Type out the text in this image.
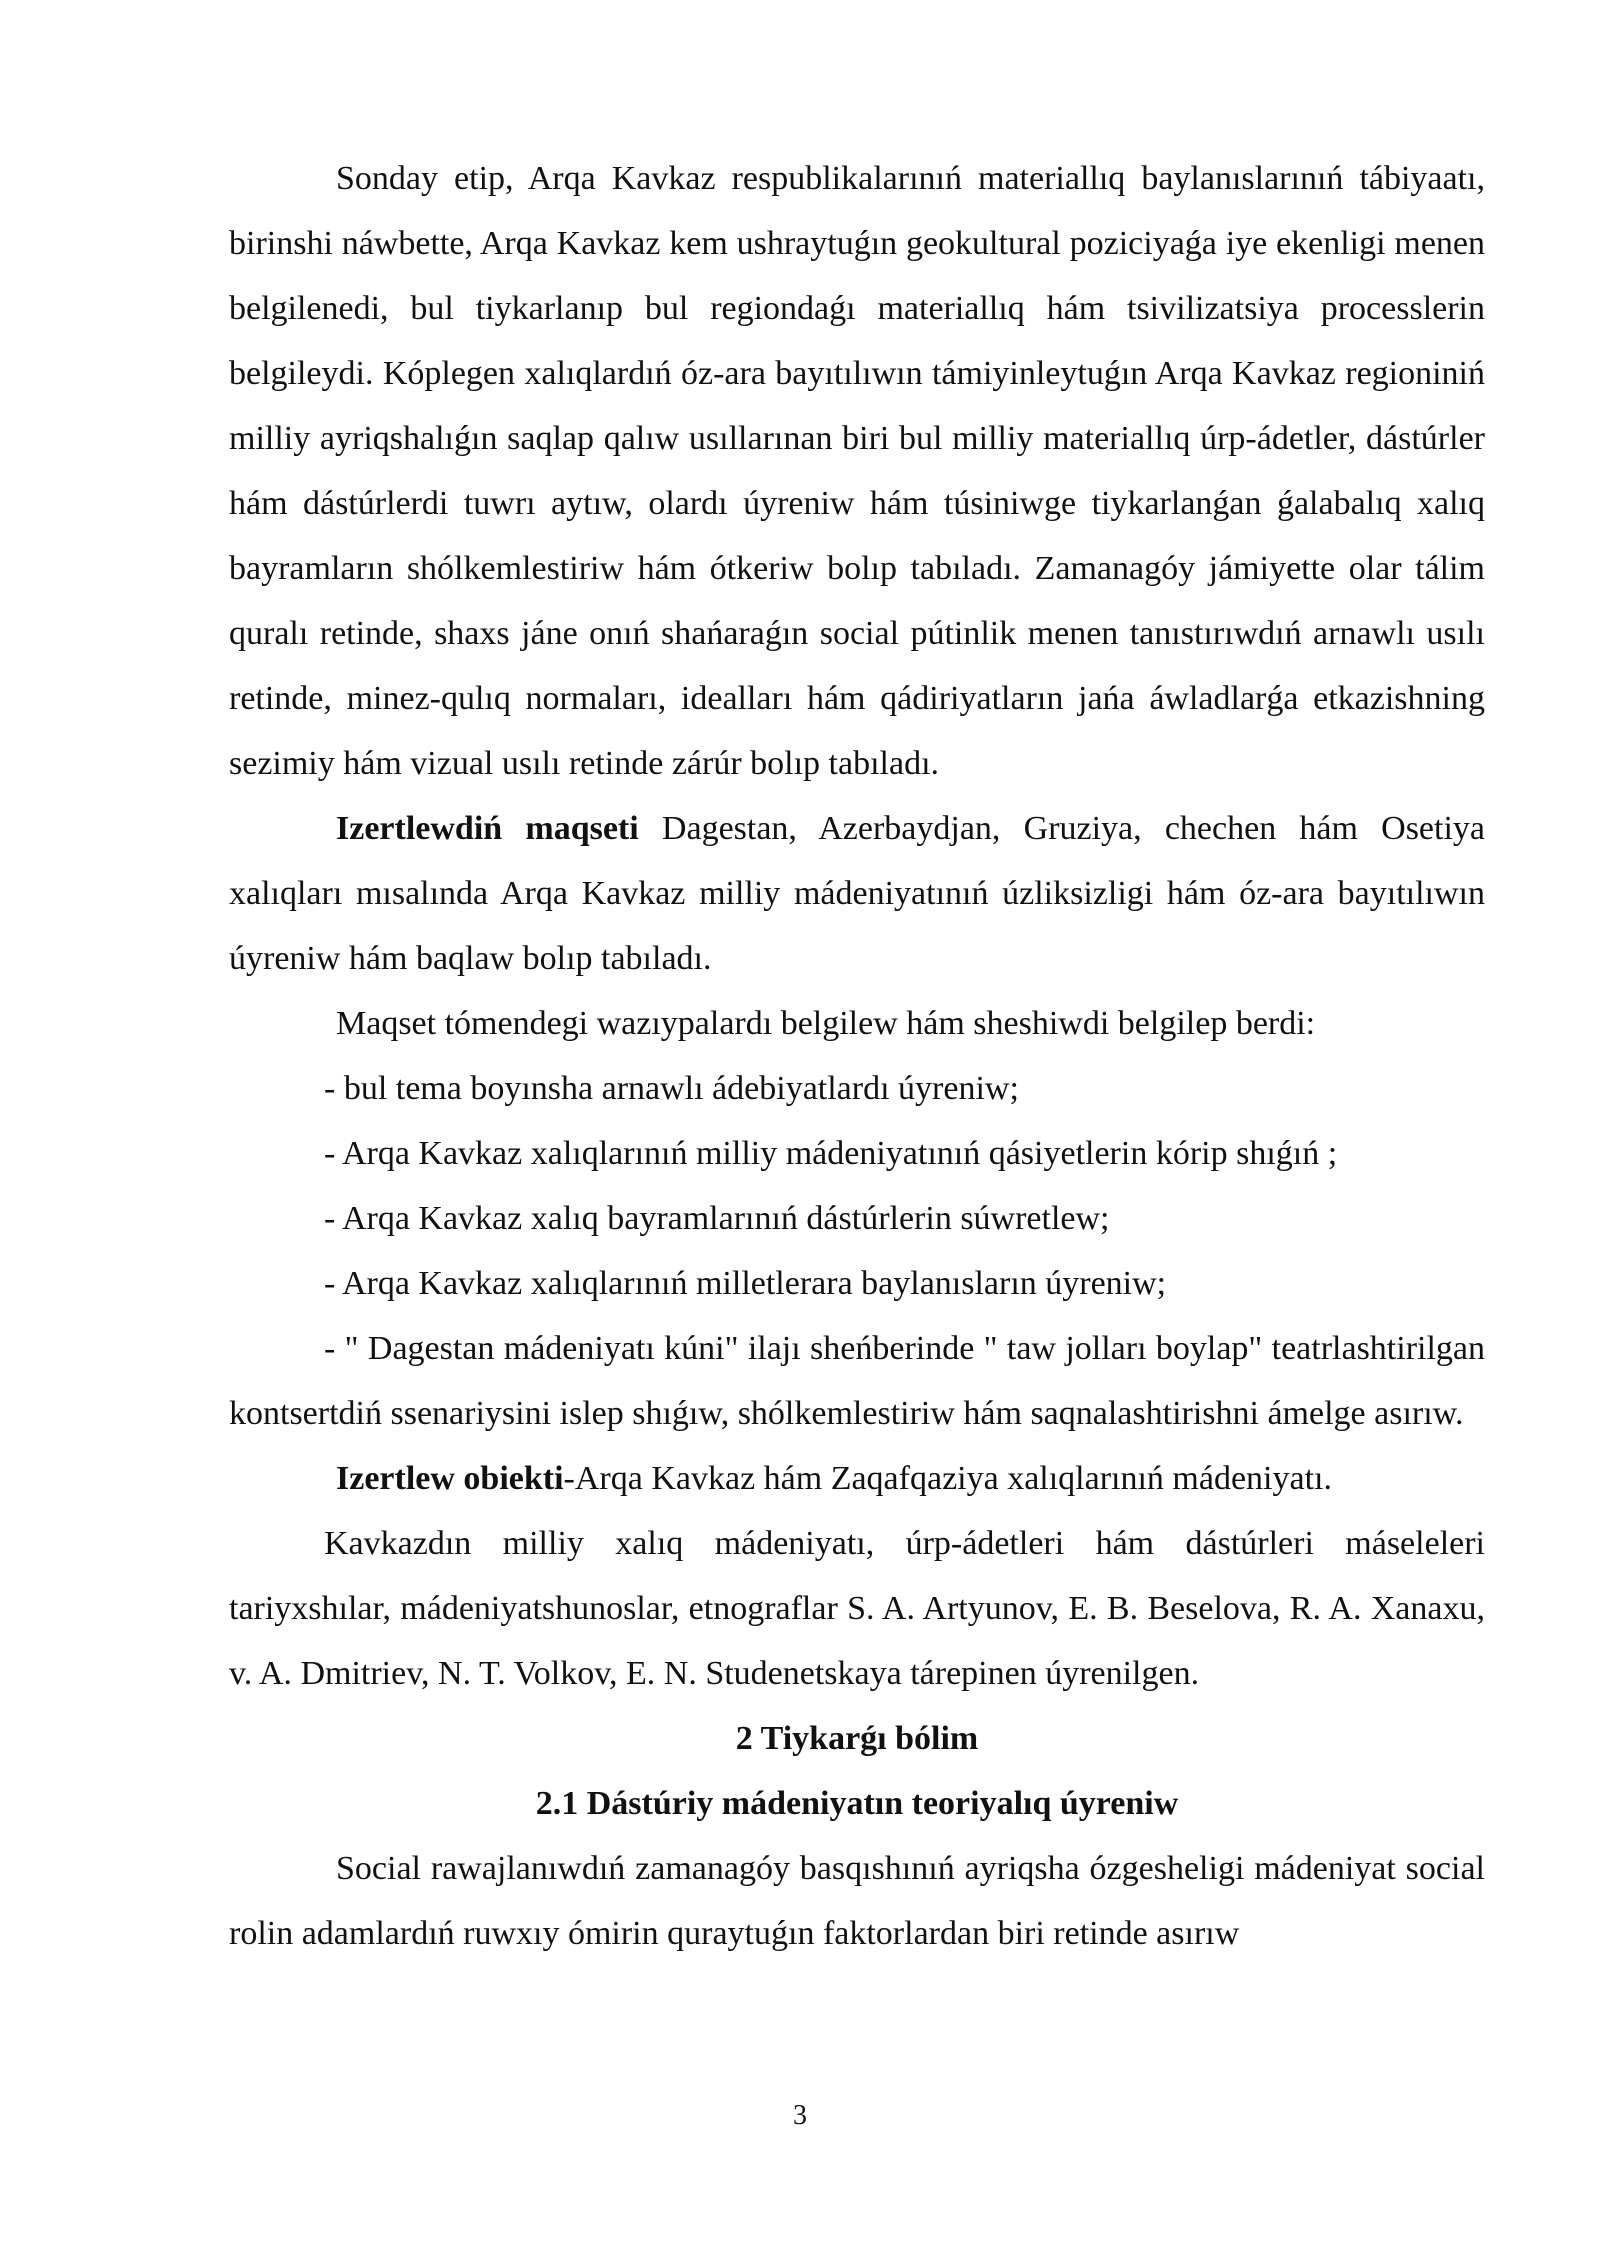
Sonday etip, Arqa Kavkaz respublikalarınıń materiallıq baylanıslarınıń tábiyaatı, birinshi náwbette, Arqa Kavkaz kem ushraytuǵın geokultural poziciyaǵa iye ekenligi menen belgilenedi, bul tiykarlanıp bul regiondaǵı materiallıq hám tsivilizatsiya processlerin belgileydi. Kóplegen xalıqlardıń óz-ara bayıtılıwın támiyinleytuǵın Arqa Kavkaz regioniniń milliy ayriqshalıǵın saqlap qalıw usıllarınan biri bul milliy materiallıq úrp-ádetler, dástúrler hám dástúrlerdi tuwrı aytıw, olardı úyreniw hám túsiniwge tiykarlanǵan ǵalabalıq xalıq bayramların shólkemlestiriw hám ótkeriw bolıp tabıladı. Zamanagóy jámiyette olar tálim quralı retinde, shaxs jáne onıń shańaraǵın social pútinlik menen tanıstırıwdıń arnawlı usılı retinde, minez-qulıq normaları, idealları hám qádiriyatların jańa áwladlarǵa etkazishning sezimiy hám vizual usılı retinde zárúr bolıp tabıladı.

Izertlewdiń maqseti Dagestan, Azerbaydjan, Gruziya, chechen hám Osetiya xalıqları mısalında Arqa Kavkaz milliy mádeniyatınıń úzliksizligi hám óz-ara bayıtılıwın úyreniw hám baqlaw bolıp tabıladı.

Maqset tómendegi wazıypalardı belgilew hám sheshiwdi belgilep berdi:

- bul tema boyınsha arnawlı ádebiyatlardı úyreniw;

- Arqa Kavkaz xalıqlarınıń milliy mádeniyatınıń qásiyetlerin kórip shıǵıń ;

- Arqa Kavkaz xalıq bayramlarınıń dástúrlerin súwretlew;

- Arqa Kavkaz xalıqlarınıń milletlerara baylanısların úyreniw;

- " Dagestan mádeniyatı kúni" ilajı sheńberinde " taw jolları boylap" teatrlashtirilgan kontsertdiń ssenariysini islep shıǵıw, shólkemlestiriw hám saqnalashtirishni ámelge asırıw.

Izertlew obiekti-Arqa Kavkaz hám Zaqafqaziya xalıqlarınıń mádeniyatı.

Kavkazdın milliy xalıq mádeniyatı, úrp-ádetleri hám dástúrleri máseleleri tariyxshılar, mádeniyatshunoslar, etnograflar S. A. Artyunov, E. B. Beselova, R. A. Xanaxu, v. A. Dmitriev, N. T. Volkov, E. N. Studenetskaya tárepinen úyrenilgen.

2 Tiykarǵı bólim

2.1 Dástúriy mádeniyatın teoriyalıq úyreniw

Social rawajlanıwdıń zamanagóy basqıshınıń ayriqsha ózgesheligi mádeniyat social rolin adamlardıń ruwxıy ómirin quraytuǵın faktorlardan biri retinde asırıw

3
